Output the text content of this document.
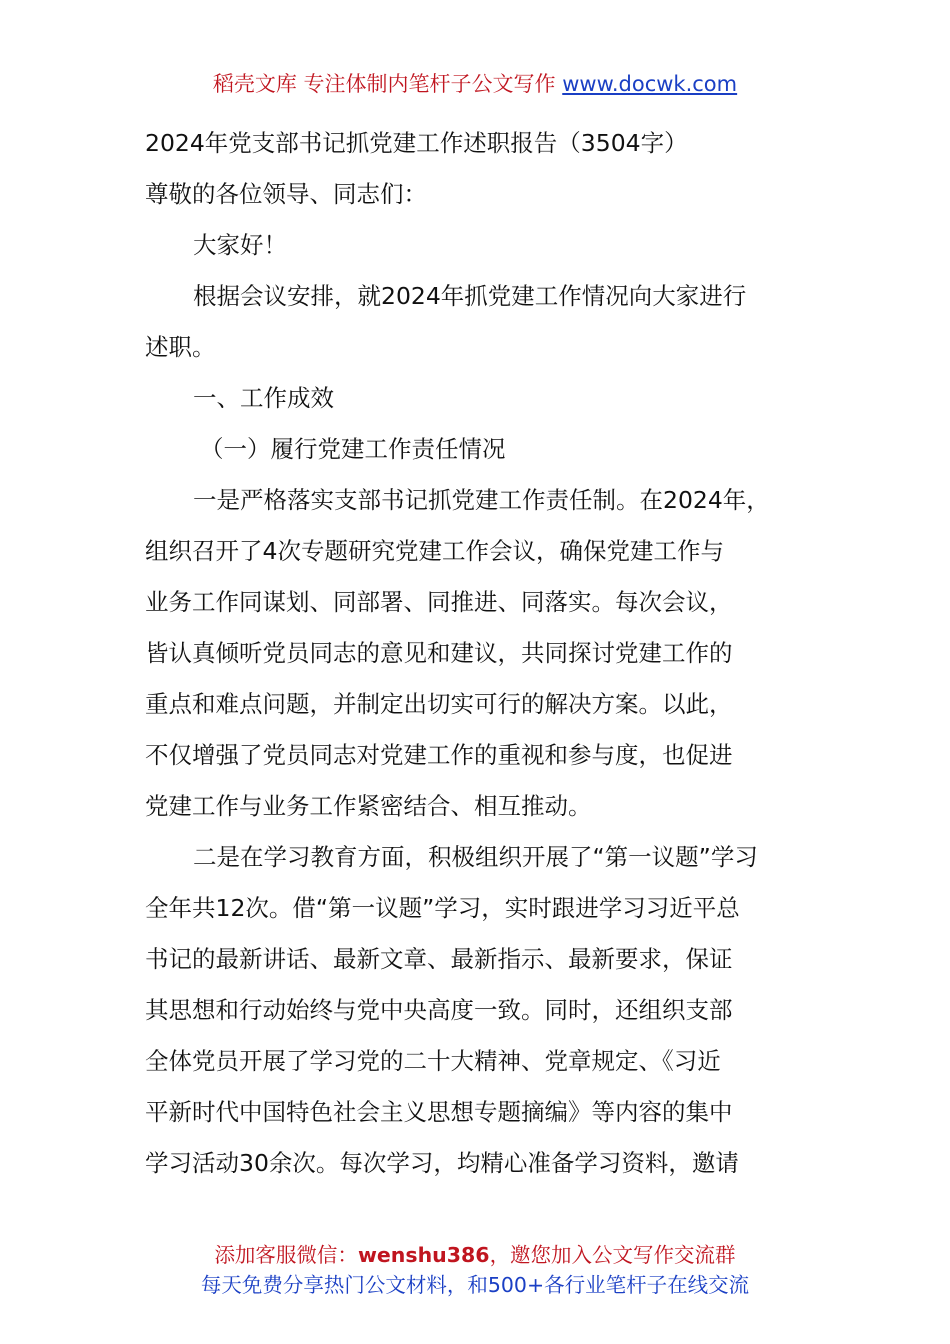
稻壳文库 专注体制内笔杆子公文写作 www.docwk.com

2024年党支部书记抓党建工作述职报告（3504字）

尊敬的各位领导、同志们：

大家好！

根据会议安排，就2024年抓党建工作情况向大家进行

述职。

一、工作成效

（一）履行党建工作责任情况

一是严格落实支部书记抓党建工作责任制。在2024年，

组织召开了4次专题研究党建工作会议，确保党建工作与

业务工作同谋划、同部署、同推进、同落实。每次会议，

皆认真倾听党员同志的意见和建议，共同探讨党建工作的

重点和难点问题，并制定出切实可行的解决方案。以此，

不仅增强了党员同志对党建工作的重视和参与度，也促进

党建工作与业务工作紧密结合、相互推动。

二是在学习教育方面，积极组织开展了“第一议题”学习

全年共12次。借“第一议题”学习，实时跟进学习习近平总

书记的最新讲话、最新文章、最新指示、最新要求，保证

其思想和行动始终与党中央高度一致。同时，还组织支部

全体党员开展了学习党的二十大精神、党章规定、《习近

平新时代中国特色社会主义思想专题摘编》等内容的集中

学习活动30余次。每次学习，均精心准备学习资料，邀请

添加客服微信：wenshu386，邀您加入公文写作交流群

每天免费分享热门公文材料，和500+各行业笔杆子在线交流
